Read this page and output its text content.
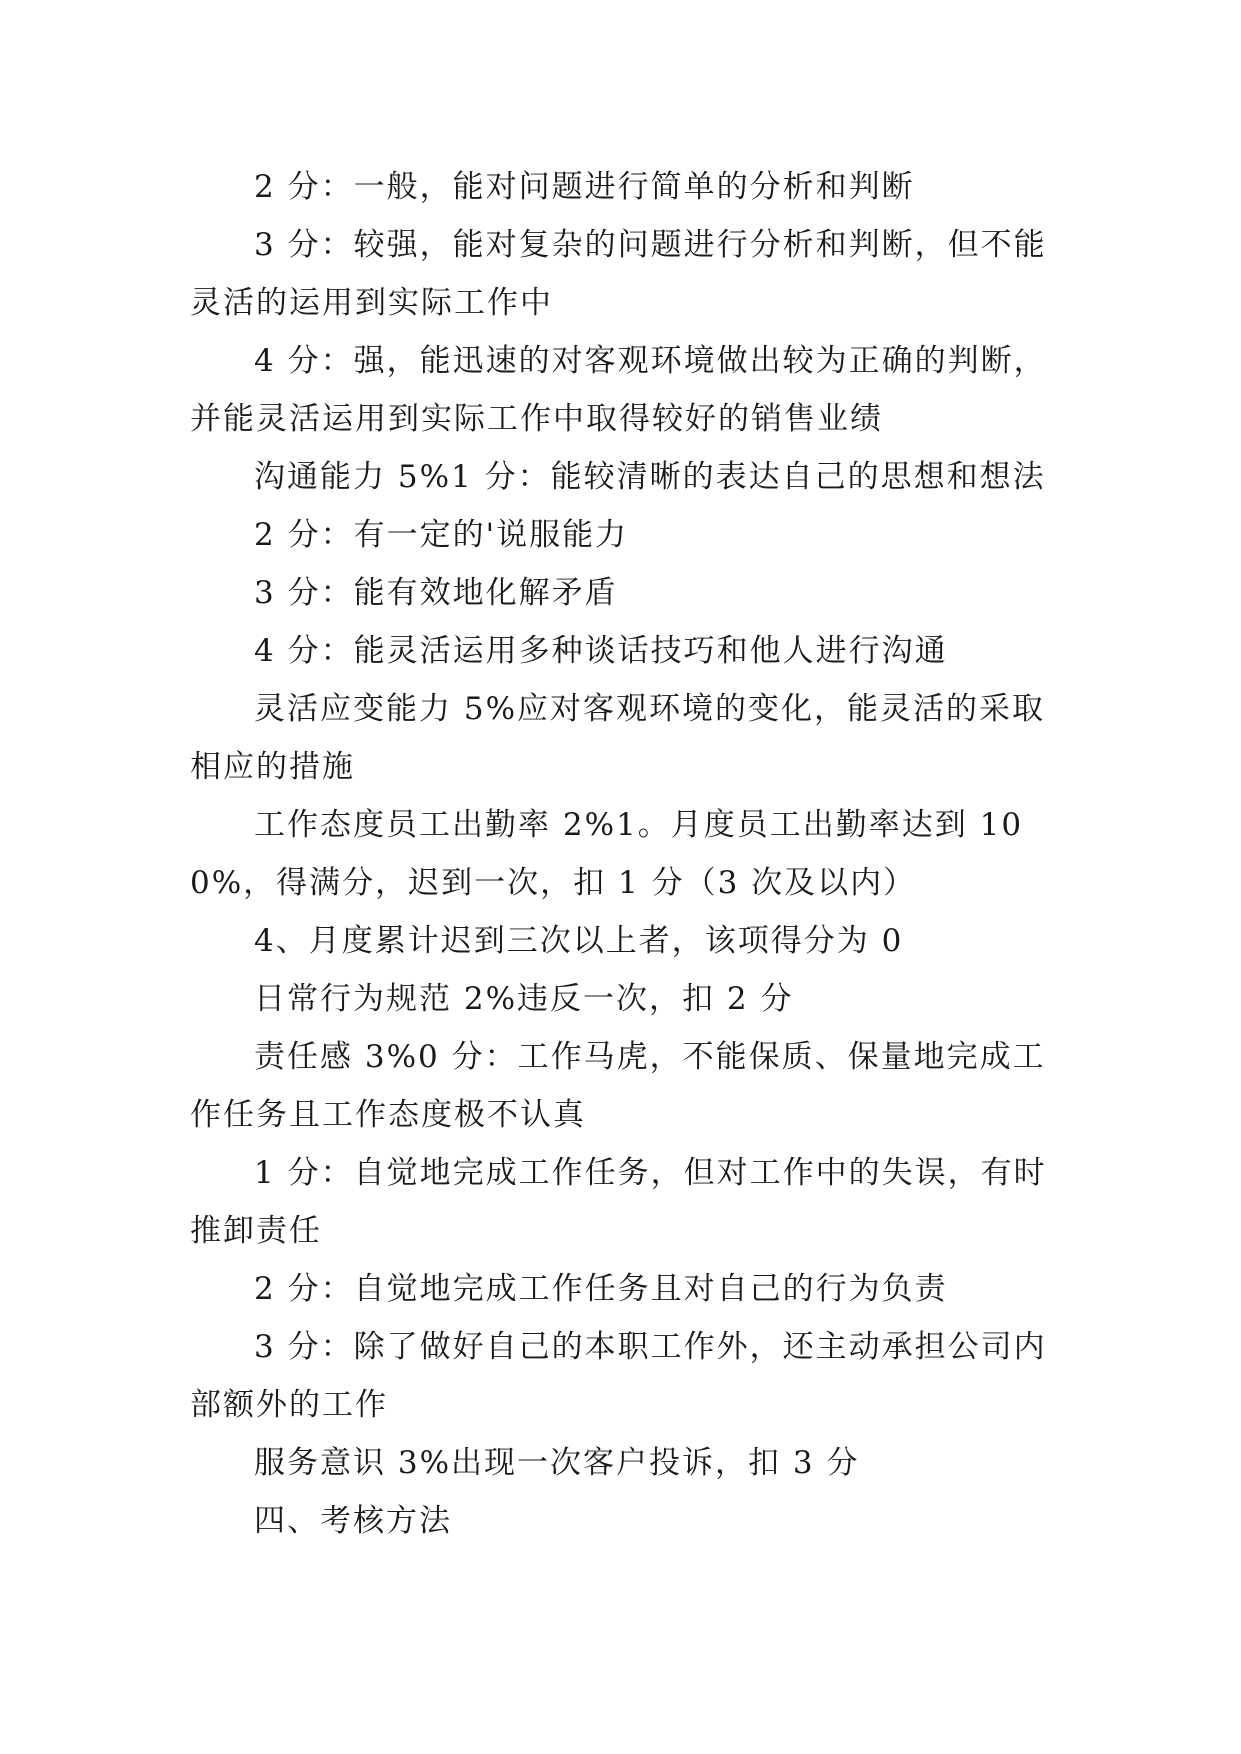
2 分：一般，能对问题进行简单的分析和判断

3 分：较强，能对复杂的问题进行分析和判断，但不能灵活的运用到实际工作中

4 分：强，能迅速的对客观环境做出较为正确的判断，并能灵活运用到实际工作中取得较好的销售业绩

沟通能力 5%1 分：能较清晰的表达自己的思想和想法

2 分：有一定的'说服能力

3 分：能有效地化解矛盾

4 分：能灵活运用多种谈话技巧和他人进行沟通

灵活应变能力 5%应对客观环境的变化，能灵活的采取相应的措施

工作态度员工出勤率 2%1。月度员工出勤率达到 100%，得满分，迟到一次，扣 1 分（3 次及以内）

4、月度累计迟到三次以上者，该项得分为 0

日常行为规范 2%违反一次，扣 2 分

责任感 3%0 分：工作马虎，不能保质、保量地完成工作任务且工作态度极不认真

1 分：自觉地完成工作任务，但对工作中的失误，有时推卸责任

2 分：自觉地完成工作任务且对自己的行为负责

3 分：除了做好自己的本职工作外，还主动承担公司内部额外的工作

服务意识 3%出现一次客户投诉，扣 3 分

四、考核方法
